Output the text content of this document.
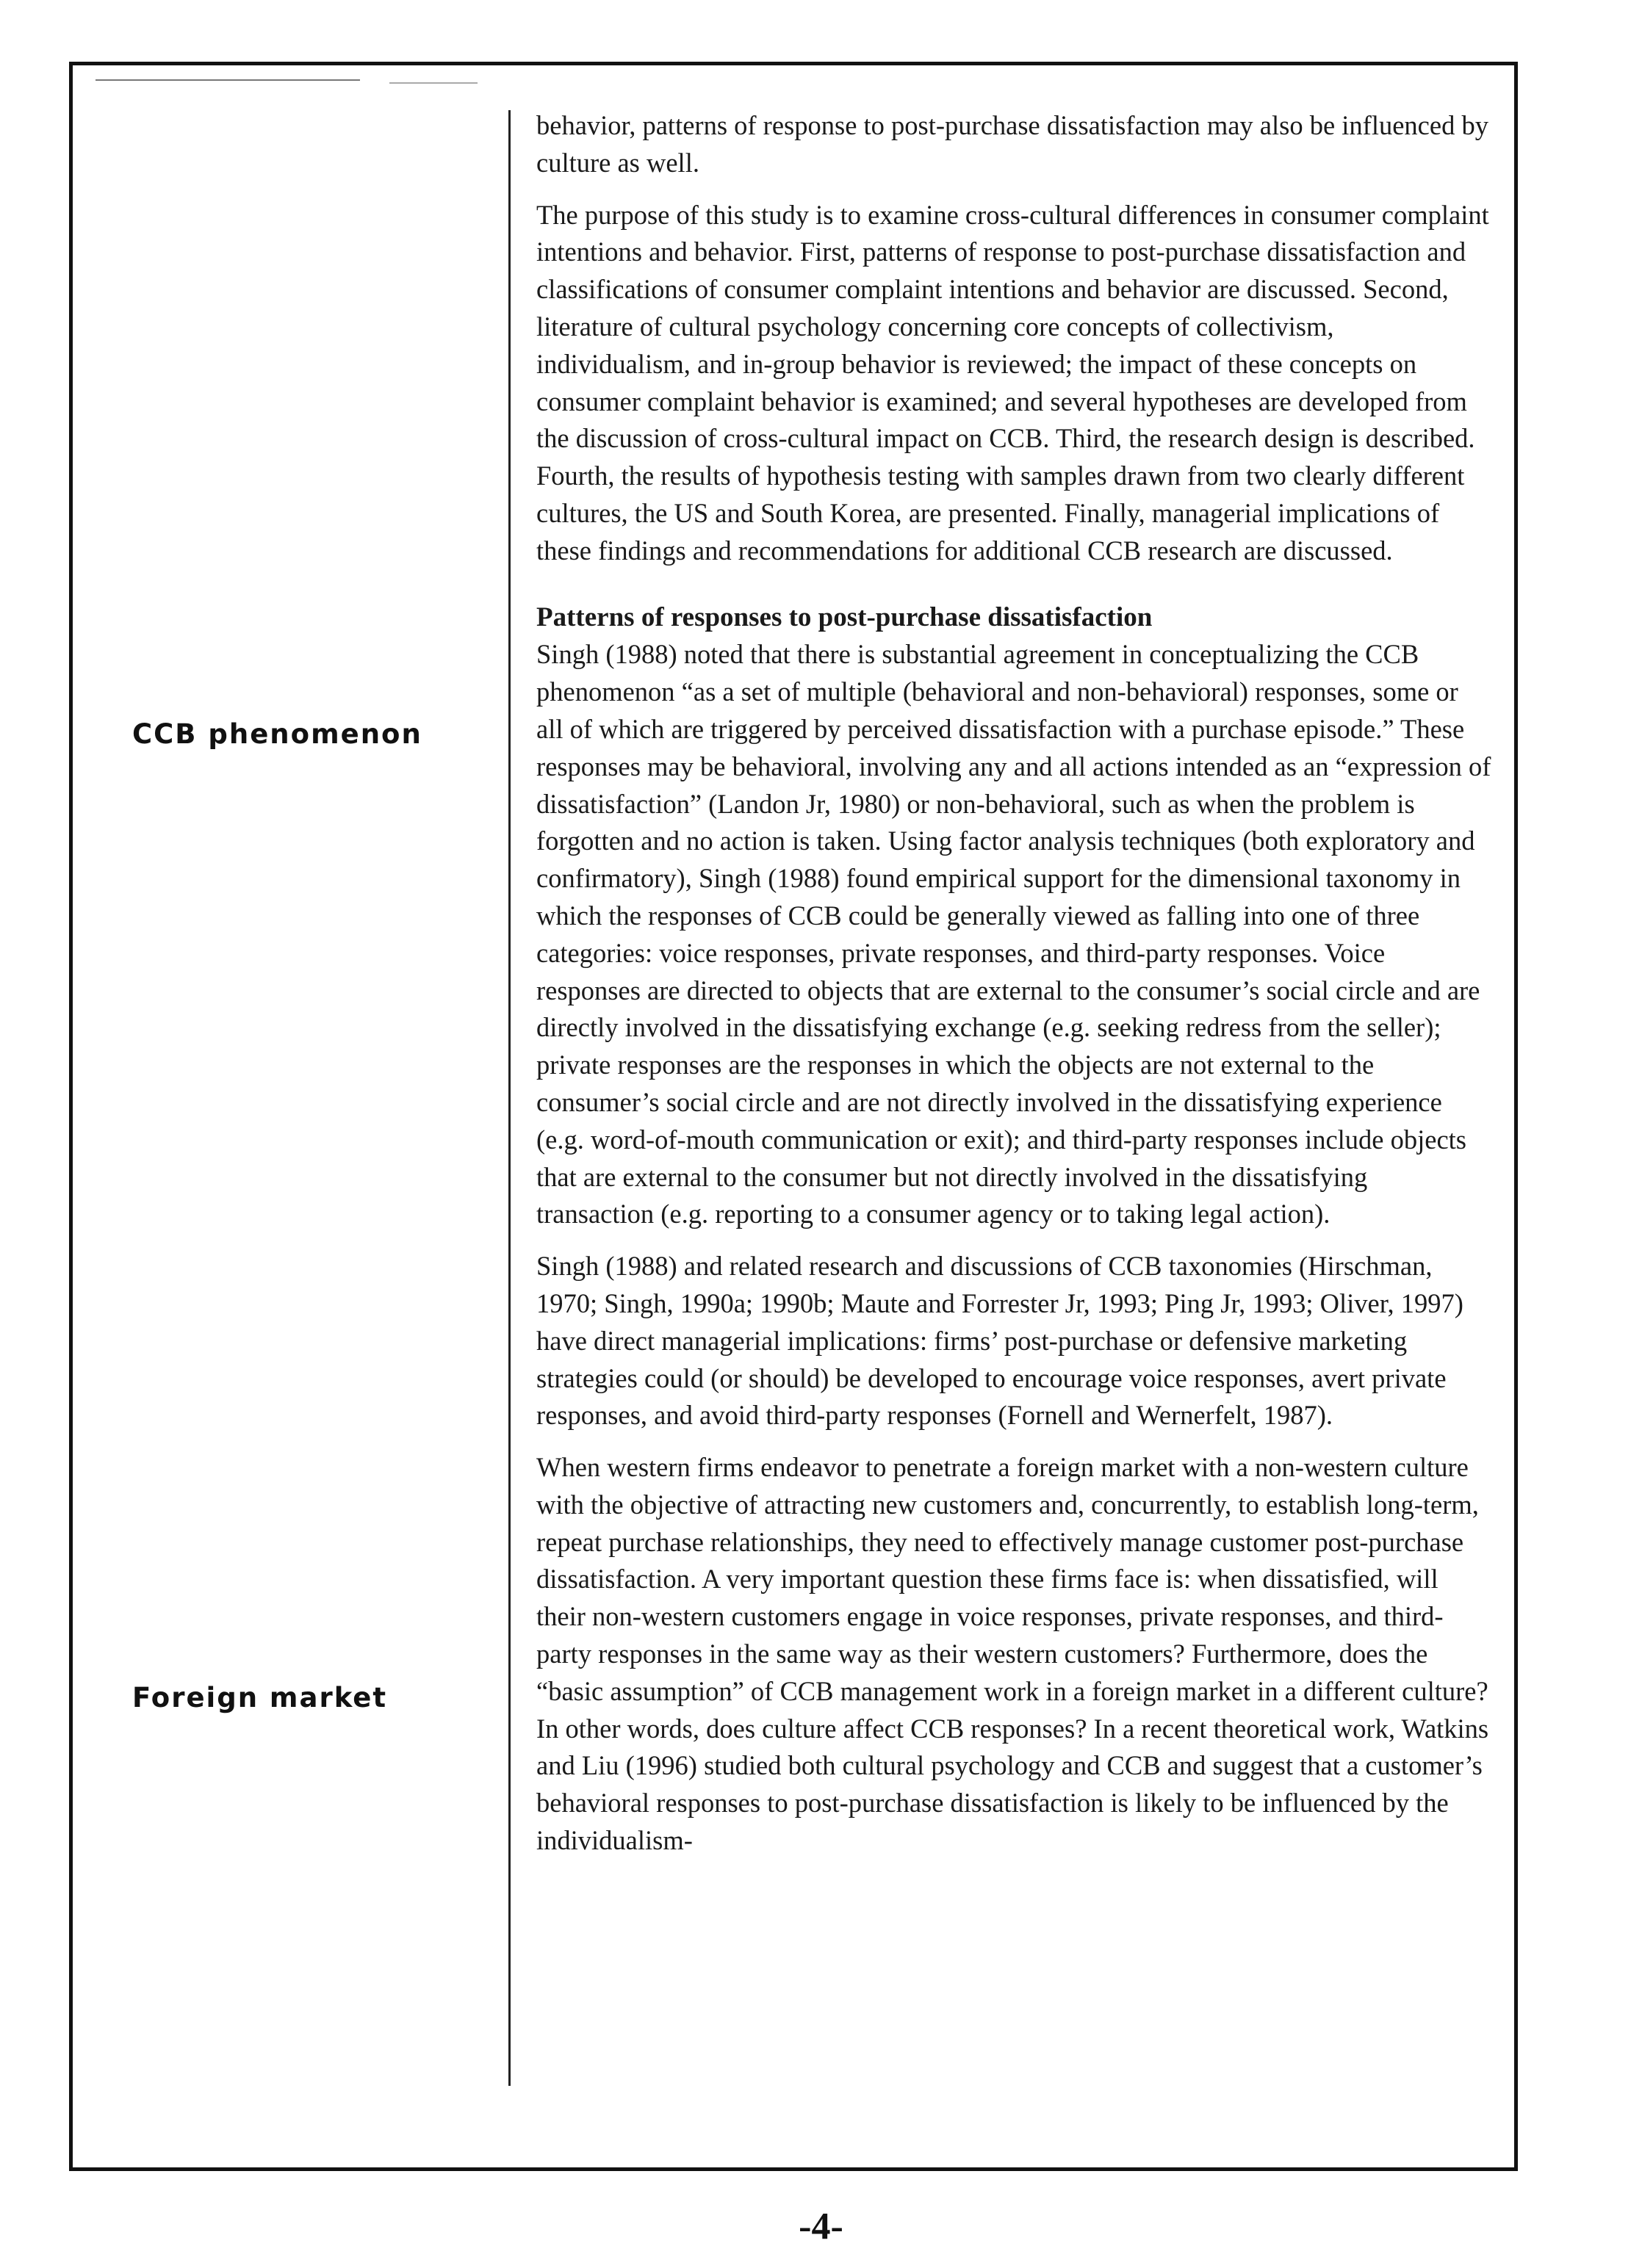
CCB phenomenon
Foreign market

behavior, patterns of response to post-purchase dissatisfaction may also be influenced by culture as well.

The purpose of this study is to examine cross-cultural differences in consumer complaint intentions and behavior. First, patterns of response to post-purchase dissatisfaction and classifications of consumer complaint intentions and behavior are discussed. Second, literature of cultural psychology concerning core concepts of collectivism, individualism, and in-group behavior is reviewed; the impact of these concepts on consumer complaint behavior is examined; and several hypotheses are developed from the discussion of cross-cultural impact on CCB. Third, the research design is described. Fourth, the results of hypothesis testing with samples drawn from two clearly different cultures, the US and South Korea, are presented. Finally, managerial implications of these findings and recommendations for additional CCB research are discussed.

Patterns of responses to post-purchase dissatisfaction

Singh (1988) noted that there is substantial agreement in conceptualizing the CCB phenomenon “as a set of multiple (behavioral and non-behavioral) responses, some or all of which are triggered by perceived dissatisfaction with a purchase episode.” These responses may be behavioral, involving any and all actions intended as an “expression of dissatisfaction” (Landon Jr, 1980) or non-behavioral, such as when the problem is forgotten and no action is taken. Using factor analysis techniques (both exploratory and confirmatory), Singh (1988) found empirical support for the dimensional taxonomy in which the responses of CCB could be generally viewed as falling into one of three categories: voice responses, private responses, and third-party responses. Voice responses are directed to objects that are external to the consumer’s social circle and are directly involved in the dissatisfying exchange (e.g. seeking redress from the seller); private responses are the responses in which the objects are not external to the consumer’s social circle and are not directly involved in the dissatisfying experience (e.g. word-of-mouth communication or exit); and third-party responses include objects that are external to the consumer but not directly involved in the dissatisfying transaction (e.g. reporting to a consumer agency or to taking legal action).

Singh (1988) and related research and discussions of CCB taxonomies (Hirschman, 1970; Singh, 1990a; 1990b; Maute and Forrester Jr, 1993; Ping Jr, 1993; Oliver, 1997) have direct managerial implications: firms’ post-purchase or defensive marketing strategies could (or should) be developed to encourage voice responses, avert private responses, and avoid third-party responses (Fornell and Wernerfelt, 1987).

When western firms endeavor to penetrate a foreign market with a non-western culture with the objective of attracting new customers and, concurrently, to establish long-term, repeat purchase relationships, they need to effectively manage customer post-purchase dissatisfaction. A very important question these firms face is: when dissatisfied, will their non-western customers engage in voice responses, private responses, and third-party responses in the same way as their western customers? Furthermore, does the “basic assumption” of CCB management work in a foreign market in a different culture? In other words, does culture affect CCB responses? In a recent theoretical work, Watkins and Liu (1996) studied both cultural psychology and CCB and suggest that a customer’s behavioral responses to post-purchase dissatisfaction is likely to be influenced by the individualism-

-4-
